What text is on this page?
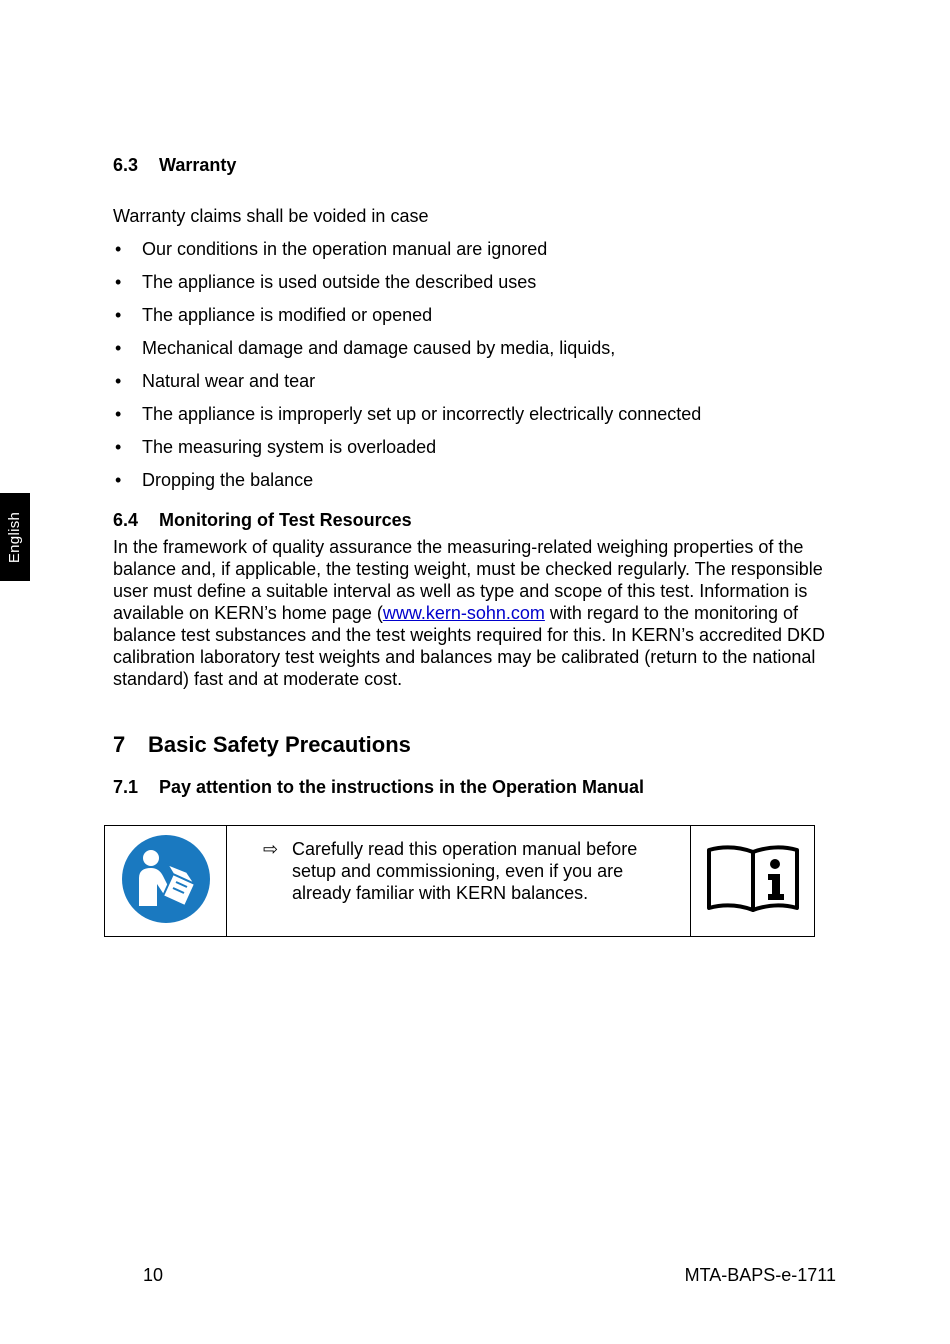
English
6.3 Warranty

Warranty claims shall be voided in case

• Our conditions in the operation manual are ignored
• The appliance is used outside the described uses
• The appliance is modified or opened
• Mechanical damage and damage caused by media, liquids,
• Natural wear and tear
• The appliance is improperly set up or incorrectly electrically connected
• The measuring system is overloaded
• Dropping the balance
6.4 Monitoring of Test Resources

In the framework of quality assurance the measuring-related weighing properties of the balance and, if applicable, the testing weight, must be checked regularly. The responsible user must define a suitable interval as well as type and scope of this test. Information is available on KERN’s home page (www.kern-sohn.com with regard to the monitoring of balance test substances and the test weights required for this. In KERN’s accredited DKD calibration laboratory test weights and balances may be calibrated (return to the national standard) fast and at moderate cost.

7 Basic Safety Precautions
7.1 Pay attention to the instructions in the Operation Manual

⇨ Carefully read this operation manual before setup and commissioning, even if you are already familiar with KERN balances.

10	MTA-BAPS-e-1711
